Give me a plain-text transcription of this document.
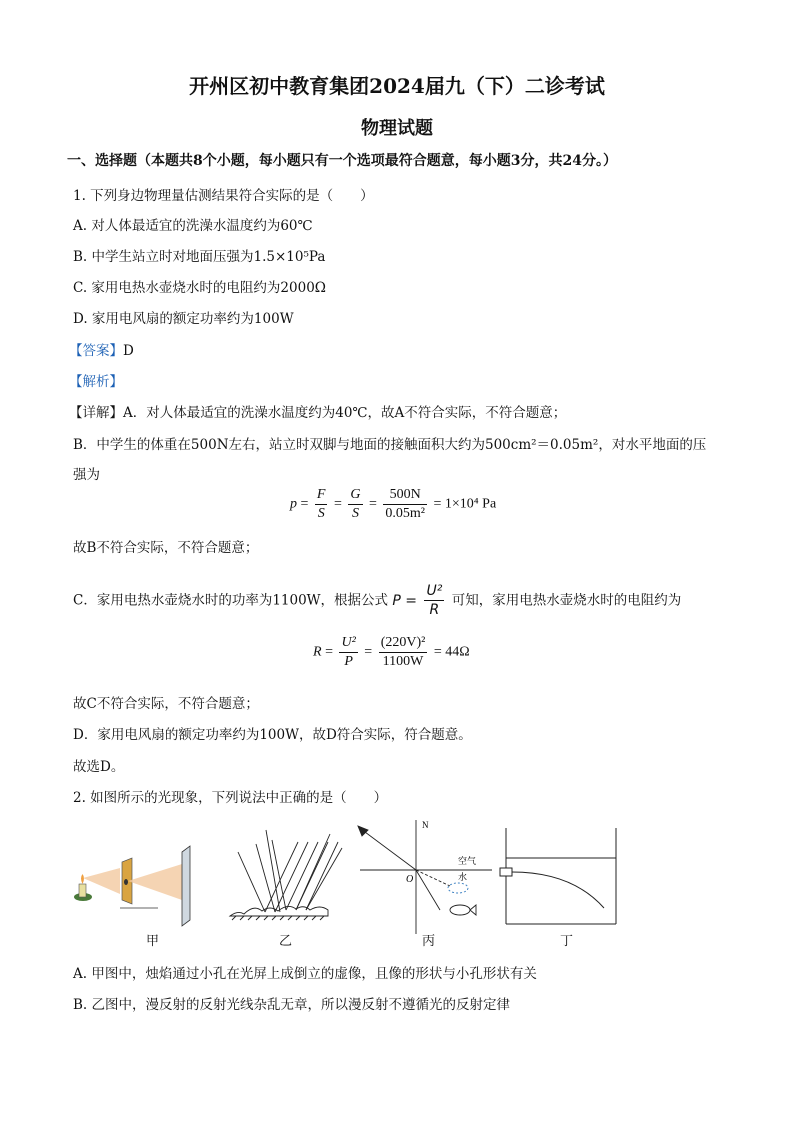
开州区初中教育集团2024届九（下）二诊考试
物理试题
一、选择题（本题共8个小题，每小题只有一个选项最符合题意，每小题3分，共24分。）
1. 下列身边物理量估测结果符合实际的是（　　）
A. 对人体最适宜的洗澡水温度约为60℃
B. 中学生站立时对地面压强为1.5×10⁵Pa
C. 家用电热水壶烧水时的电阻约为2000Ω
D. 家用电风扇的额定功率约为100W
【答案】D
【解析】
【详解】A．对人体最适宜的洗澡水温度约为40℃，故A不符合实际，不符合题意；
B．中学生的体重在500N左右，站立时双脚与地面的接触面积大约为500cm²＝0.05m²，对水平地面的压
强为
$p = \frac{F}{S} = \frac{G}{S} = \frac{500N}{\text{0.05m²}} = 1\times 10^4$ Pa
故B不符合实际，不符合题意；
C．家用电热水壶烧水时的功率为1100W，根据公式 $P = \frac{\text{U²}}{R}$ 可知，家用电热水壶烧水时的电阻约为
$R = \frac{\text{U²}}{P} = \frac{\text{(220V)²}}{1100W} = 44\Omega$
故C不符合实际，不符合题意；
D．家用电风扇的额定功率约为100W，故D符合实际，符合题意。
故选D。
2. 如图所示的光现象，下列说法中正确的是（　　）
N
空气
水
O
甲	乙	丙	丁
A. 甲图中，烛焰通过小孔在光屏上成倒立的虚像，且像的形状与小孔形状有关
B. 乙图中，漫反射的反射光线杂乱无章，所以漫反射不遵循光的反射定律
